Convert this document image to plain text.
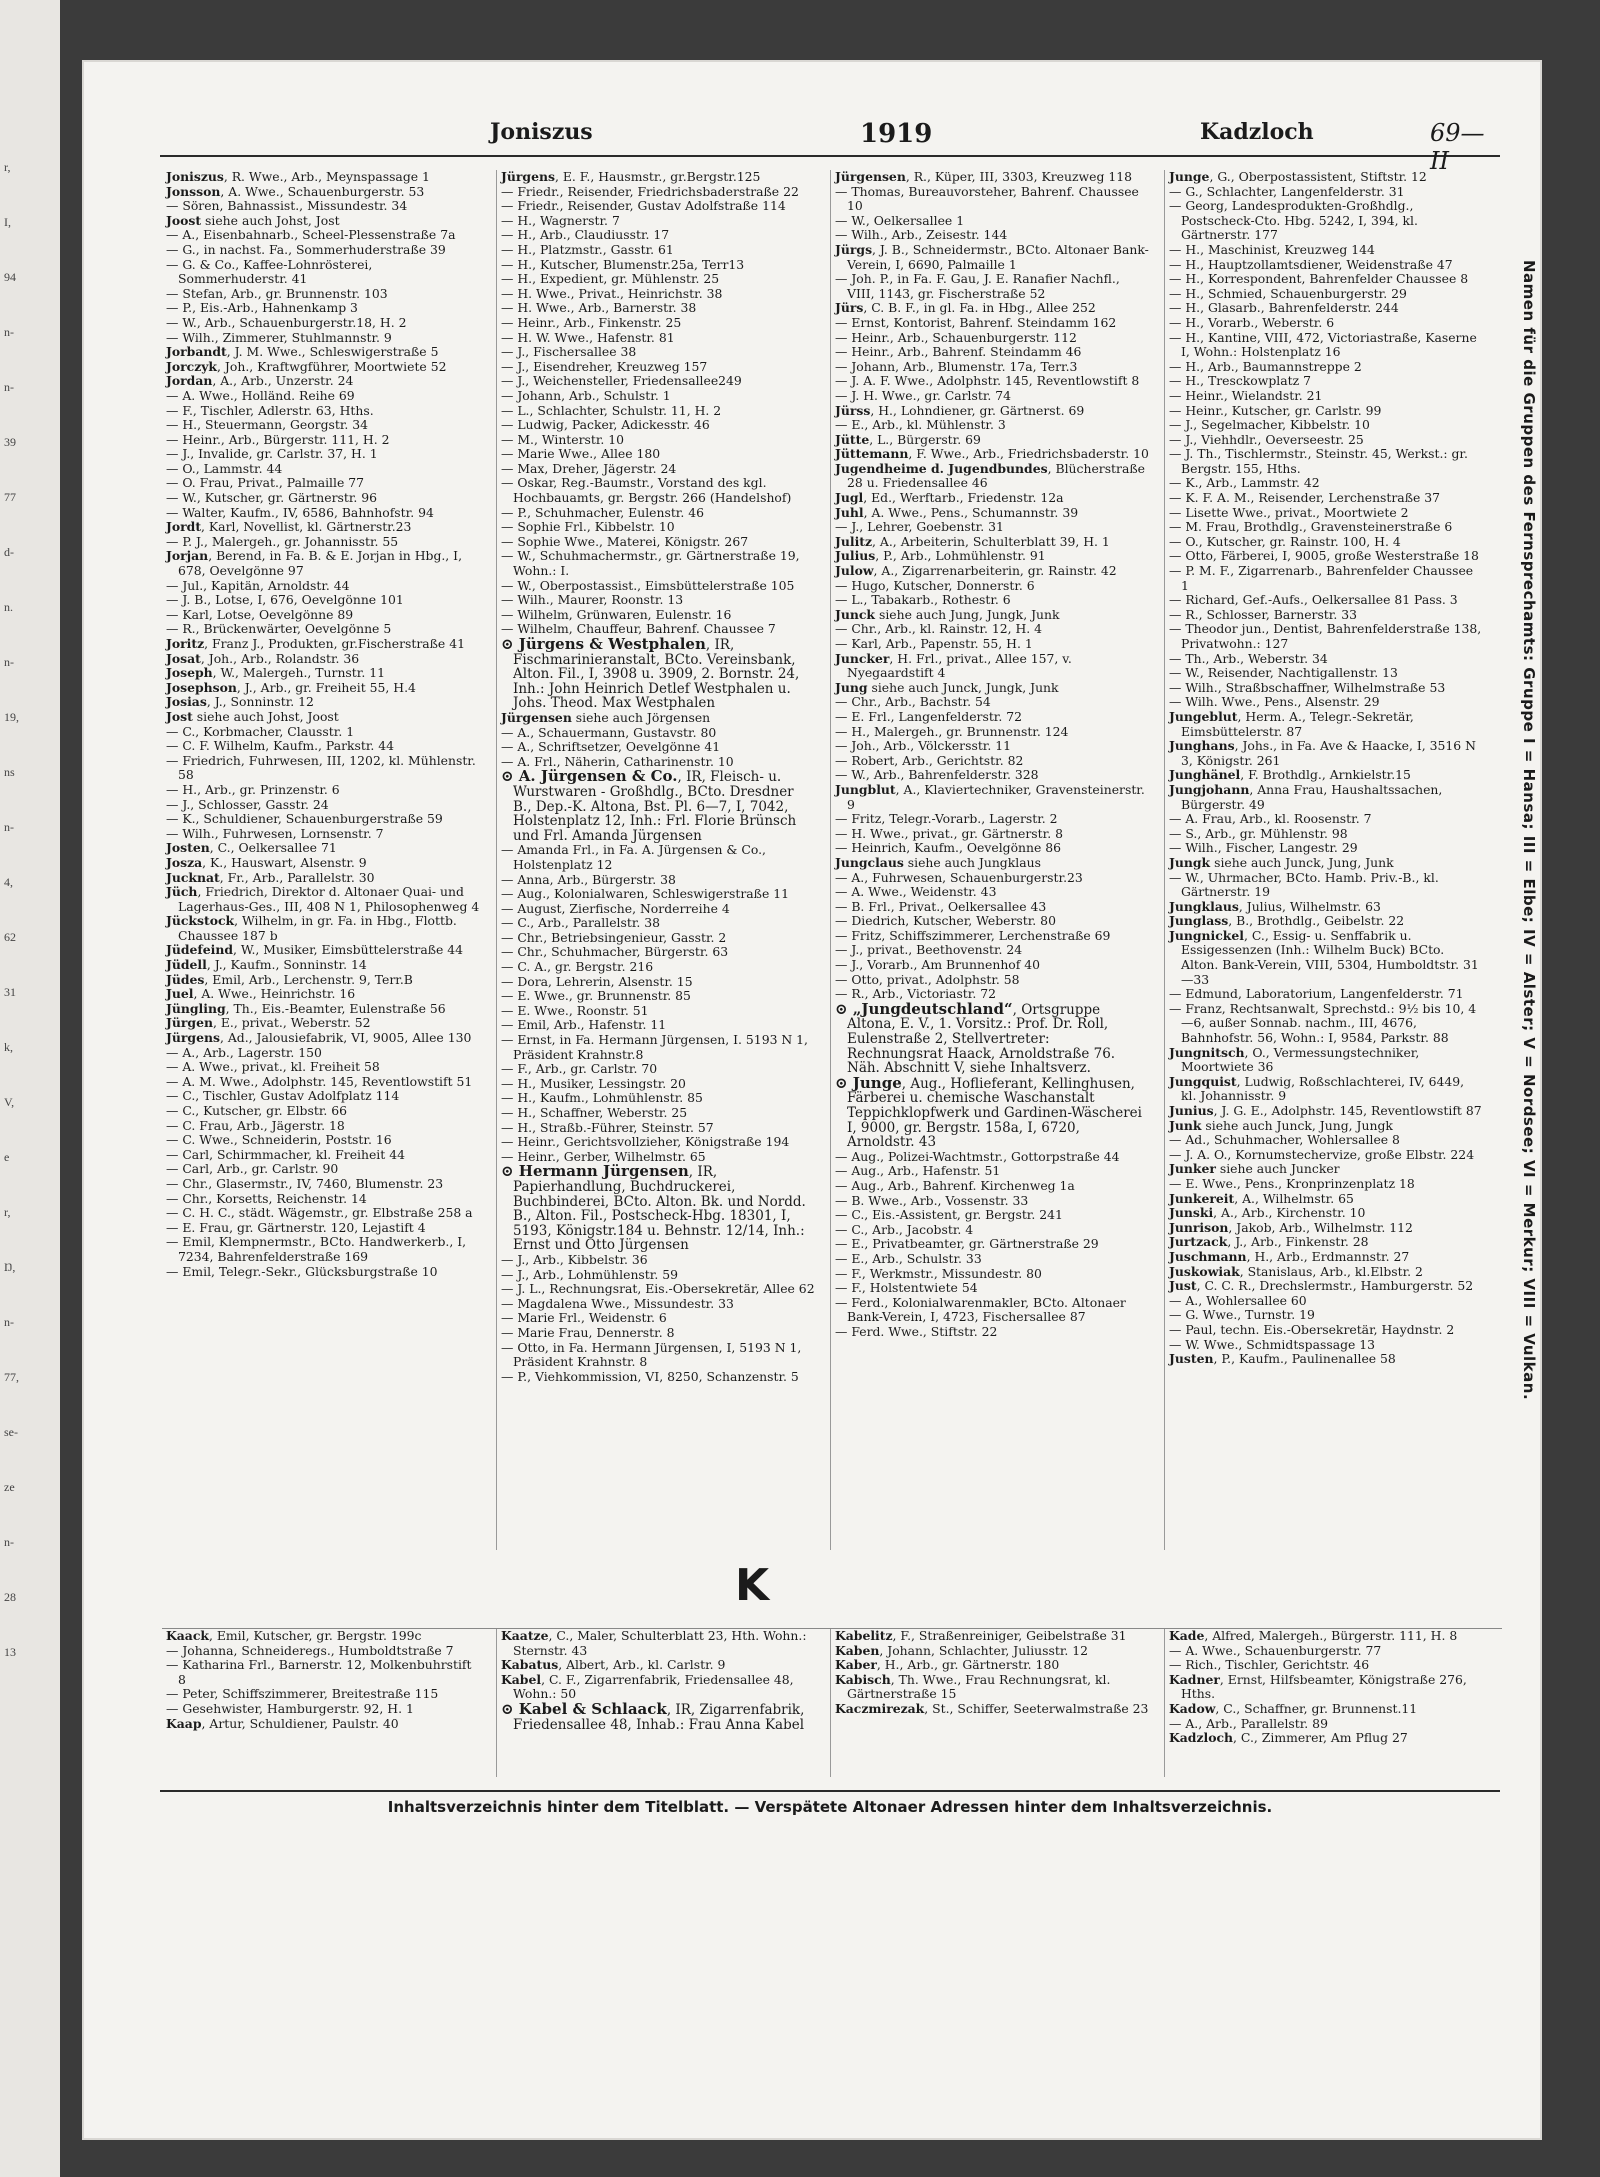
r,
I,
94
n-
n-
39
77
d-
n.
n-
19,
ns
n-
4,
62
31
k,
V,
e
r,
Ŋ,
n-
77,
se-
ze
n-
28
13
Joniszus	1919	Kadzloch	69—II
Joniszus, R. Wwe., Arb., Meynspassage 1
Jonsson, A. Wwe., Schauenburgerstr. 53
— Sören, Bahnassist., Missundestr. 34
Joost siehe auch Johst, Jost
— A., Eisenbahnarb., Scheel-Plessenstraße 7a
— G., in nachst. Fa., Sommerhuderstraße 39
— G. & Co., Kaffee-Lohnrösterei, Sommerhuderstr. 41
— Stefan, Arb., gr. Brunnenstr. 103
— P., Eis.-Arb., Hahnenkamp 3
— W., Arb., Schauenburgerstr.18, H. 2
— Wilh., Zimmerer, Stuhlmannstr. 9
Jorbandt, J. M. Wwe., Schleswigerstraße 5
Jorczyk, Joh., Kraftwgführer, Moortwiete 52
Jordan, A., Arb., Unzerstr. 24
— A. Wwe., Holländ. Reihe 69
— F., Tischler, Adlerstr. 63, Hths.
— H., Steuermann, Georgstr. 34
— Heinr., Arb., Bürgerstr. 111, H. 2
— J., Invalide, gr. Carlstr. 37, H. 1
— O., Lammstr. 44
— O. Frau, Privat., Palmaille 77
— W., Kutscher, gr. Gärtnerstr. 96
— Walter, Kaufm., IV, 6586, Bahnhofstr. 94
Jordt, Karl, Novellist, kl. Gärtnerstr.23
— P. J., Malergeh., gr. Johannisstr. 55
Jorjan, Berend, in Fa. B. & E. Jorjan in Hbg., I, 678, Oevelgönne 97
— Jul., Kapitän, Arnoldstr. 44
— J. B., Lotse, I, 676, Oevelgönne 101
— Karl, Lotse, Oevelgönne 89
— R., Brückenwärter, Oevelgönne 5
Joritz, Franz J., Produkten, gr.Fischerstraße 41
Josat, Joh., Arb., Rolandstr. 36
Joseph, W., Malergeh., Turnstr. 11
Josephson, J., Arb., gr. Freiheit 55, H.4
Josias, J., Sonninstr. 12
Jost siehe auch Johst, Joost
— C., Korbmacher, Clausstr. 1
— C. F. Wilhelm, Kaufm., Parkstr. 44
— Friedrich, Fuhrwesen, III, 1202, kl. Mühlenstr. 58
— H., Arb., gr. Prinzenstr. 6
— J., Schlosser, Gasstr. 24
— K., Schuldiener, Schauenburgerstraße 59
— Wilh., Fuhrwesen, Lornsenstr. 7
Josten, C., Oelkersallee 71
Josza, K., Hauswart, Alsenstr. 9
Jucknat, Fr., Arb., Parallelstr. 30
Jüch, Friedrich, Direktor d. Altonaer Quai- und Lagerhaus-Ges., III, 408 N 1, Philosophenweg 4
Jückstock, Wilhelm, in gr. Fa. in Hbg., Flottb. Chaussee 187 b
Jüdefeind, W., Musiker, Eimsbüttelerstraße 44
Jüdell, J., Kaufm., Sonninstr. 14
Jüdes, Emil, Arb., Lerchenstr. 9, Terr.B
Juel, A. Wwe., Heinrichstr. 16
Jüngling, Th., Eis.-Beamter, Eulenstraße 56
Jürgen, E., privat., Weberstr. 52
Jürgens, Ad., Jalousiefabrik, VI, 9005, Allee 130
— A., Arb., Lagerstr. 150
— A. Wwe., privat., kl. Freiheit 58
— A. M. Wwe., Adolphstr. 145, Reventlowstift 51
— C., Tischler, Gustav Adolfplatz 114
— C., Kutscher, gr. Elbstr. 66
— C. Frau, Arb., Jägerstr. 18
— C. Wwe., Schneiderin, Poststr. 16
— Carl, Schirmmacher, kl. Freiheit 44
— Carl, Arb., gr. Carlstr. 90
— Chr., Glasermstr., IV, 7460, Blumenstr. 23
— Chr., Korsetts, Reichenstr. 14
— C. H. C., städt. Wägemstr., gr. Elbstraße 258 a
— E. Frau, gr. Gärtnerstr. 120, Lejastift 4
— Emil, Klempnermstr., BCto. Handwerkerb., I, 7234, Bahrenfelderstraße 169
— Emil, Telegr.-Sekr., Glücksburgstraße 10
Jürgens, E. F., Hausmstr., gr.Bergstr.125
— Friedr., Reisender, Friedrichsbaderstraße 22
— Friedr., Reisender, Gustav Adolfstraße 114
— H., Wagnerstr. 7
— H., Arb., Claudiusstr. 17
— H., Platzmstr., Gasstr. 61
— H., Kutscher, Blumenstr.25a, Terr13
— H., Expedient, gr. Mühlenstr. 25
— H. Wwe., Privat., Heinrichstr. 38
— H. Wwe., Arb., Barnerstr. 38
— Heinr., Arb., Finkenstr. 25
— H. W. Wwe., Hafenstr. 81
— J., Fischersallee 38
— J., Eisendreher, Kreuzweg 157
— J., Weichensteller, Friedensallee249
— Johann, Arb., Schulstr. 1
— L., Schlachter, Schulstr. 11, H. 2
— Ludwig, Packer, Adickesstr. 46
— M., Winterstr. 10
— Marie Wwe., Allee 180
— Max, Dreher, Jägerstr. 24
— Oskar, Reg.-Baumstr., Vorstand des kgl. Hochbauamts, gr. Bergstr. 266 (Handelshof)
— P., Schuhmacher, Eulenstr. 46
— Sophie Frl., Kibbelstr. 10
— Sophie Wwe., Materei, Königstr. 267
— W., Schuhmachermstr., gr. Gärtnerstraße 19, Wohn.: I.
— W., Oberpostassist., Eimsbüttelerstraße 105
— Wilh., Maurer, Roonstr. 13
— Wilhelm, Grünwaren, Eulenstr. 16
— Wilhelm, Chauffeur, Bahrenf. Chaussee 7
⊙ Jürgens & Westphalen, IR, Fischmarinieranstalt, BCto. Vereinsbank, Alton. Fil., I, 3908 u. 3909, 2. Bornstr. 24, Inh.: John Heinrich Detlef Westphalen u. Johs. Theod. Max Westphalen
Jürgensen siehe auch Jörgensen
— A., Schauermann, Gustavstr. 80
— A., Schriftsetzer, Oevelgönne 41
— A. Frl., Näherin, Catharinenstr. 10
⊙ A. Jürgensen & Co., IR, Fleisch- u. Wurstwaren - Großhdlg., BCto. Dresdner B., Dep.-K. Altona, Bst. Pl. 6—7, I, 7042, Holstenplatz 12, Inh.: Frl. Florie Brünsch und Frl. Amanda Jürgensen
— Amanda Frl., in Fa. A. Jürgensen & Co., Holstenplatz 12
— Anna, Arb., Bürgerstr. 38
— Aug., Kolonialwaren, Schleswigerstraße 11
— August, Zierfische, Norderreihe 4
— C., Arb., Parallelstr. 38
— Chr., Betriebsingenieur, Gasstr. 2
— Chr., Schuhmacher, Bürgerstr. 63
— C. A., gr. Bergstr. 216
— Dora, Lehrerin, Alsenstr. 15
— E. Wwe., gr. Brunnenstr. 85
— E. Wwe., Roonstr. 51
— Emil, Arb., Hafenstr. 11
— Ernst, in Fa. Hermann Jürgensen, I. 5193 N 1, Präsident Krahnstr.8
— F., Arb., gr. Carlstr. 70
— H., Musiker, Lessingstr. 20
— H., Kaufm., Lohmühlenstr. 85
— H., Schaffner, Weberstr. 25
— H., Straßb.-Führer, Steinstr. 57
— Heinr., Gerichtsvollzieher, Königstraße 194
— Heinr., Gerber, Wilhelmstr. 65
⊙ Hermann Jürgensen, IR, Papierhandlung, Buchdruckerei, Buchbinderei, BCto. Alton. Bk. und Nordd. B., Alton. Fil., Postscheck-Hbg. 18301, I, 5193, Königstr.184 u. Behnstr. 12/14, Inh.: Ernst und Otto Jürgensen
— J., Arb., Kibbelstr. 36
— J., Arb., Lohmühlenstr. 59
— J. L., Rechnungsrat, Eis.-Obersekretär, Allee 62
— Magdalena Wwe., Missundestr. 33
— Marie Frl., Weidenstr. 6
— Marie Frau, Dennerstr. 8
— Otto, in Fa. Hermann Jürgensen, I, 5193 N 1, Präsident Krahnstr. 8
— P., Viehkommission, VI, 8250, Schanzenstr. 5
Jürgensen, R., Küper, III, 3303, Kreuzweg 118
— Thomas, Bureauvorsteher, Bahrenf. Chaussee 10
— W., Oelkersallee 1
— Wilh., Arb., Zeisestr. 144
Jürgs, J. B., Schneidermstr., BCto. Altonaer Bank-Verein, I, 6690, Palmaille 1
— Joh. P., in Fa. F. Gau, J. E. Ranafier Nachfl., VIII, 1143, gr. Fischerstraße 52
Jürs, C. B. F., in gl. Fa. in Hbg., Allee 252
— Ernst, Kontorist, Bahrenf. Steindamm 162
— Heinr., Arb., Schauenburgerstr. 112
— Heinr., Arb., Bahrenf. Steindamm 46
— Johann, Arb., Blumenstr. 17a, Terr.3
— J. A. F. Wwe., Adolphstr. 145, Reventlowstift 8
— J. H. Wwe., gr. Carlstr. 74
Jürss, H., Lohndiener, gr. Gärtnerst. 69
— E., Arb., kl. Mühlenstr. 3
Jütte, L., Bürgerstr. 69
Jüttemann, F. Wwe., Arb., Friedrichsbaderstr. 10
Jugendheime d. Jugendbundes, Blücherstraße 28 u. Friedensallee 46
Jugl, Ed., Werftarb., Friedenstr. 12a
Juhl, A. Wwe., Pens., Schumannstr. 39
— J., Lehrer, Goebenstr. 31
Julitz, A., Arbeiterin, Schulterblatt 39, H. 1
Julius, P., Arb., Lohmühlenstr. 91
Julow, A., Zigarrenarbeiterin, gr. Rainstr. 42
— Hugo, Kutscher, Donnerstr. 6
— L., Tabakarb., Rothestr. 6
Junck siehe auch Jung, Jungk, Junk
— Chr., Arb., kl. Rainstr. 12, H. 4
— Karl, Arb., Papenstr. 55, H. 1
Juncker, H. Frl., privat., Allee 157, v. Nyegaardstift 4
Jung siehe auch Junck, Jungk, Junk
— Chr., Arb., Bachstr. 54
— E. Frl., Langenfelderstr. 72
— H., Malergeh., gr. Brunnenstr. 124
— Joh., Arb., Völckersstr. 11
— Robert, Arb., Gerichtstr. 82
— W., Arb., Bahrenfelderstr. 328
Jungblut, A., Klaviertechniker, Gravensteinerstr. 9
— Fritz, Telegr.-Vorarb., Lagerstr. 2
— H. Wwe., privat., gr. Gärtnerstr. 8
— Heinrich, Kaufm., Oevelgönne 86
Jungclaus siehe auch Jungklaus
— A., Fuhrwesen, Schauenburgerstr.23
— A. Wwe., Weidenstr. 43
— B. Frl., Privat., Oelkersallee 43
— Diedrich, Kutscher, Weberstr. 80
— Fritz, Schiffszimmerer, Lerchenstraße 69
— J., privat., Beethovenstr. 24
— J., Vorarb., Am Brunnenhof 40
— Otto, privat., Adolphstr. 58
— R., Arb., Victoriastr. 72
⊙ „Jungdeutschland“, Ortsgruppe Altona, E. V., 1. Vorsitz.: Prof. Dr. Roll, Eulenstraße 2, Stellvertreter: Rechnungsrat Haack, Arnoldstraße 76. Näh. Abschnitt V, siehe Inhaltsverz.
⊙ Junge, Aug., Hoflieferant, Kellinghusen, Färberei u. chemische Waschanstalt Teppichklopfwerk und Gardinen-Wäscherei I, 9000, gr. Bergstr. 158a, I, 6720, Arnoldstr. 43
— Aug., Polizei-Wachtmstr., Gottorpstraße 44
— Aug., Arb., Hafenstr. 51
— Aug., Arb., Bahrenf. Kirchenweg 1a
— B. Wwe., Arb., Vossenstr. 33
— C., Eis.-Assistent, gr. Bergstr. 241
— C., Arb., Jacobstr. 4
— E., Privatbeamter, gr. Gärtnerstraße 29
— E., Arb., Schulstr. 33
— F., Werkmstr., Missundestr. 80
— F., Holstentwiete 54
— Ferd., Kolonialwarenmakler, BCto. Altonaer Bank-Verein, I, 4723, Fischersallee 87
— Ferd. Wwe., Stiftstr. 22
Junge, G., Oberpostassistent, Stiftstr. 12
— G., Schlachter, Langenfelderstr. 31
— Georg, Landesprodukten-Großhdlg., Postscheck-Cto. Hbg. 5242, I, 394, kl. Gärtnerstr. 177
— H., Maschinist, Kreuzweg 144
— H., Hauptzollamtsdiener, Weidenstraße 47
— H., Korrespondent, Bahrenfelder Chaussee 8
— H., Schmied, Schauenburgerstr. 29
— H., Glasarb., Bahrenfelderstr. 244
— H., Vorarb., Weberstr. 6
— H., Kantine, VIII, 472, Victoriastraße, Kaserne I, Wohn.: Holstenplatz 16
— H., Arb., Baumannstreppe 2
— H., Tresckowplatz 7
— Heinr., Wielandstr. 21
— Heinr., Kutscher, gr. Carlstr. 99
— J., Segelmacher, Kibbelstr. 10
— J., Viehhdlr., Oeverseestr. 25
— J. Th., Tischlermstr., Steinstr. 45, Werkst.: gr. Bergstr. 155, Hths.
— K., Arb., Lammstr. 42
— K. F. A. M., Reisender, Lerchenstraße 37
— Lisette Wwe., privat., Moortwiete 2
— M. Frau, Brothdlg., Gravensteinerstraße 6
— O., Kutscher, gr. Rainstr. 100, H. 4
— Otto, Färberei, I, 9005, große Westerstraße 18
— P. M. F., Zigarrenarb., Bahrenfelder Chaussee 1
— Richard, Gef.-Aufs., Oelkersallee 81 Pass. 3
— R., Schlosser, Barnerstr. 33
— Theodor jun., Dentist, Bahrenfelderstraße 138, Privatwohn.: 127
— Th., Arb., Weberstr. 34
— W., Reisender, Nachtigallenstr. 13
— Wilh., Straßbschaffner, Wilhelmstraße 53
— Wilh. Wwe., Pens., Alsenstr. 29
Jungeblut, Herm. A., Telegr.-Sekretär, Eimsbüttelerstr. 87
Junghans, Johs., in Fa. Ave & Haacke, I, 3516 N 3, Königstr. 261
Junghänel, F. Brothdlg., Arnkielstr.15
Jungjohann, Anna Frau, Haushaltssachen, Bürgerstr. 49
— A. Frau, Arb., kl. Roosenstr. 7
— S., Arb., gr. Mühlenstr. 98
— Wilh., Fischer, Langestr. 29
Jungk siehe auch Junck, Jung, Junk
— W., Uhrmacher, BCto. Hamb. Priv.-B., kl. Gärtnerstr. 19
Jungklaus, Julius, Wilhelmstr. 63
Junglass, B., Brothdlg., Geibelstr. 22
Jungnickel, C., Essig- u. Senffabrik u. Essigessenzen (Inh.: Wilhelm Buck) BCto. Alton. Bank-Verein, VIII, 5304, Humboldtstr. 31—33
— Edmund, Laboratorium, Langenfelderstr. 71
— Franz, Rechtsanwalt, Sprechstd.: 9½ bis 10, 4—6, außer Sonnab. nachm., III, 4676, Bahnhofstr. 56, Wohn.: I, 9584, Parkstr. 88
Jungnitsch, O., Vermessungstechniker, Moortwiete 36
Jungquist, Ludwig, Roßschlachterei, IV, 6449, kl. Johannisstr. 9
Junius, J. G. E., Adolphstr. 145, Reventlowstift 87
Junk siehe auch Junck, Jung, Jungk
— Ad., Schuhmacher, Wohlersallee 8
— J. A. O., Kornumstechervize, große Elbstr. 224
Junker siehe auch Juncker
— E. Wwe., Pens., Kronprinzenplatz 18
Junkereit, A., Wilhelmstr. 65
Junski, A., Arb., Kirchenstr. 10
Junrison, Jakob, Arb., Wilhelmstr. 112
Jurtzack, J., Arb., Finkenstr. 28
Juschmann, H., Arb., Erdmannstr. 27
Juskowiak, Stanislaus, Arb., kl.Elbstr. 2
Just, C. C. R., Drechslermstr., Hamburgerstr. 52
— A., Wohlersallee 60
— G. Wwe., Turnstr. 19
— Paul, techn. Eis.-Obersekretär, Haydnstr. 2
— W. Wwe., Schmidtspassage 13
Justen, P., Kaufm., Paulinenallee 58	Namen für die Gruppen des Fernsprechamts: Gruppe I = Hansa; III = Elbe; IV = Alster; V = Nordsee; VI = Merkur; VIII = Vulkan.
K
Kaack, Emil, Kutscher, gr. Bergstr. 199c
— Johanna, Schneideregs., Humboldtstraße 7
— Katharina Frl., Barnerstr. 12, Molkenbuhrstift 8
— Peter, Schiffszimmerer, Breitestraße 115
— Gesehwister, Hamburgerstr. 92, H. 1
Kaap, Artur, Schuldiener, Paulstr. 40
Kaatze, C., Maler, Schulterblatt 23, Hth. Wohn.: Sternstr. 43
Kabatus, Albert, Arb., kl. Carlstr. 9
Kabel, C. F., Zigarrenfabrik, Friedensallee 48, Wohn.: 50
⊙ Kabel & Schlaack, IR, Zigarrenfabrik, Friedensallee 48, Inhab.: Frau Anna Kabel
Kabelitz, F., Straßenreiniger, Geibelstraße 31
Kaben, Johann, Schlachter, Juliusstr. 12
Kaber, H., Arb., gr. Gärtnerstr. 180
Kabisch, Th. Wwe., Frau Rechnungsrat, kl. Gärtnerstraße 15
Kaczmirezak, St., Schiffer, Seeterwalmstraße 23
Kade, Alfred, Malergeh., Bürgerstr. 111, H. 8
— A. Wwe., Schauenburgerstr. 77
— Rich., Tischler, Gerichtstr. 46
Kadner, Ernst, Hilfsbeamter, Königstraße 276, Hths.
Kadow, C., Schaffner, gr. Brunnenst.11
— A., Arb., Parallelstr. 89
Kadzloch, C., Zimmerer, Am Pflug 27
Inhaltsverzeichnis hinter dem Titelblatt. — Verspätete Altonaer Adressen hinter dem Inhaltsverzeichnis.
